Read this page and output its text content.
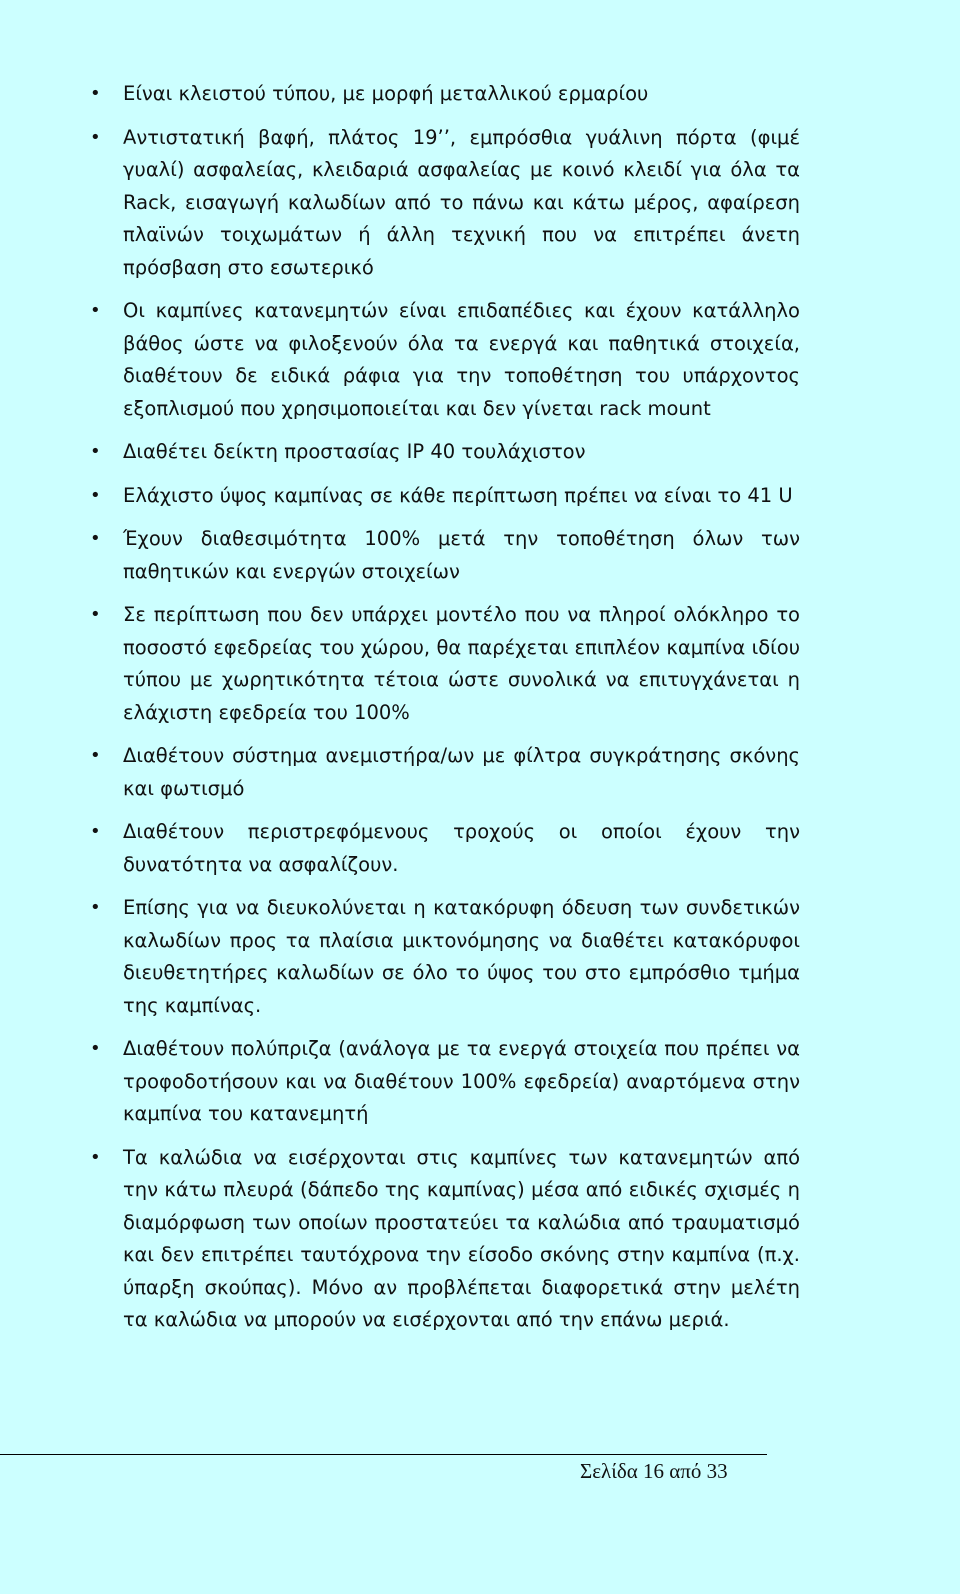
• Είναι κλειστού τύπου, με μορφή μεταλλικού ερμαρίου
• Αντιστατική βαφή, πλάτος 19’’, εμπρόσθια γυάλινη πόρτα (φιμέ γυαλί) ασφαλείας, κλειδαριά ασφαλείας με κοινό κλειδί για όλα τα Rack, εισαγωγή καλωδίων από το πάνω και κάτω μέρος, αφαίρεση πλαϊνών τοιχωμάτων ή άλλη τεχνική που να επιτρέπει άνετη πρόσβαση στο εσωτερικό
• Οι καμπίνες κατανεμητών είναι επιδαπέδιες και έχουν κατάλληλο βάθος ώστε να φιλοξενούν όλα τα ενεργά και παθητικά στοιχεία, διαθέτουν δε ειδικά ράφια για την τοποθέτηση του υπάρχοντος εξοπλισμού που χρησιμοποιείται και δεν γίνεται rack mount
• Διαθέτει δείκτη προστασίας IP 40 τουλάχιστον
• Ελάχιστο ύψος καμπίνας σε κάθε περίπτωση πρέπει να είναι το 41 U
• Έχουν διαθεσιμότητα 100% μετά την τοποθέτηση όλων των παθητικών και ενεργών στοιχείων
• Σε περίπτωση που δεν υπάρχει μοντέλο που να πληροί ολόκληρο το ποσοστό εφεδρείας του χώρου, θα παρέχεται επιπλέον καμπίνα ιδίου τύπου με χωρητικότητα τέτοια ώστε συνολικά να επιτυγχάνεται η ελάχιστη εφεδρεία του 100%
• Διαθέτουν σύστημα ανεμιστήρα/ων με φίλτρα συγκράτησης σκόνης και φωτισμό
• Διαθέτουν περιστρεφόμενους τροχούς οι οποίοι έχουν την δυνατότητα να ασφαλίζουν.
• Επίσης για να διευκολύνεται η κατακόρυφη όδευση των συνδετικών καλωδίων προς τα πλαίσια μικτονόμησης να διαθέτει κατακόρυφοι διευθετητήρες καλωδίων σε όλο το ύψος του στο εμπρόσθιο τμήμα της καμπίνας.
• Διαθέτουν πολύπριζα (ανάλογα με τα ενεργά στοιχεία που πρέπει να τροφοδοτήσουν και να διαθέτουν 100% εφεδρεία) αναρτόμενα στην καμπίνα του κατανεμητή
• Τα καλώδια να εισέρχονται στις καμπίνες των κατανεμητών από την κάτω πλευρά (δάπεδο της καμπίνας) μέσα από ειδικές σχισμές η διαμόρφωση των οποίων προστατεύει τα καλώδια από τραυματισμό και δεν επιτρέπει ταυτόχρονα την είσοδο σκόνης στην καμπίνα (π.χ. ύπαρξη σκούπας). Μόνο αν προβλέπεται διαφορετικά στην μελέτη τα καλώδια να μπορούν να εισέρχονται από την επάνω μεριά.
Σελίδα 16 από 33
